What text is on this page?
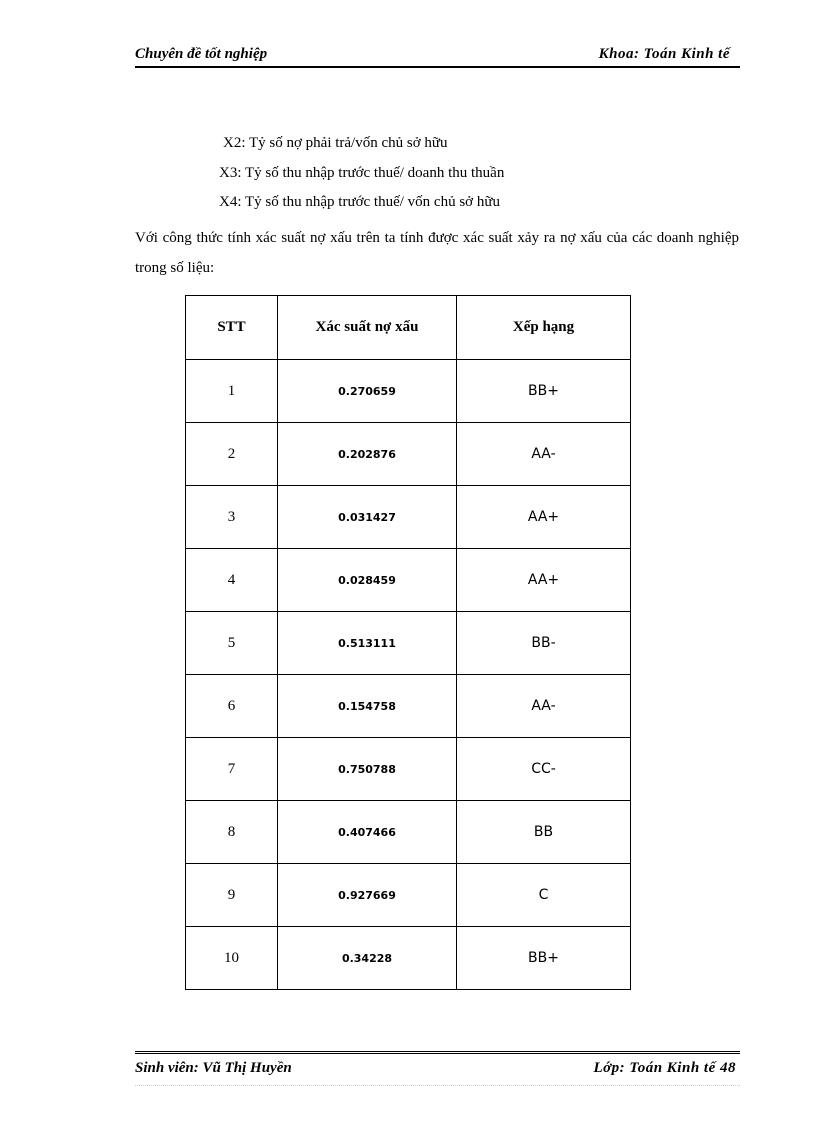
Chuyên đề tốt nghiệp	Khoa: Toán Kinh tế
X2: Tỷ số nợ phải trả/vốn chủ sở hữu
X3: Tỷ số thu nhập trước thuế/ doanh thu thuần
X4: Tỷ số thu nhập trước thuế/ vốn chủ sở hữu
Với công thức tính xác suất nợ xấu trên ta tính được xác suất xảy ra nợ xấu của các doanh nghiệp trong số liệu:
STT	Xác suất nợ xấu	Xếp hạng
1	0.270659	BB+
2	0.202876	AA-
3	0.031427	AA+
4	0.028459	AA+
5	0.513111	BB-
6	0.154758	AA-
7	0.750788	CC-
8	0.407466	BB
9	0.927669	C
10	0.34228	BB+
Sinh viên: Vũ Thị Huyền	Lớp: Toán Kinh tế 48
